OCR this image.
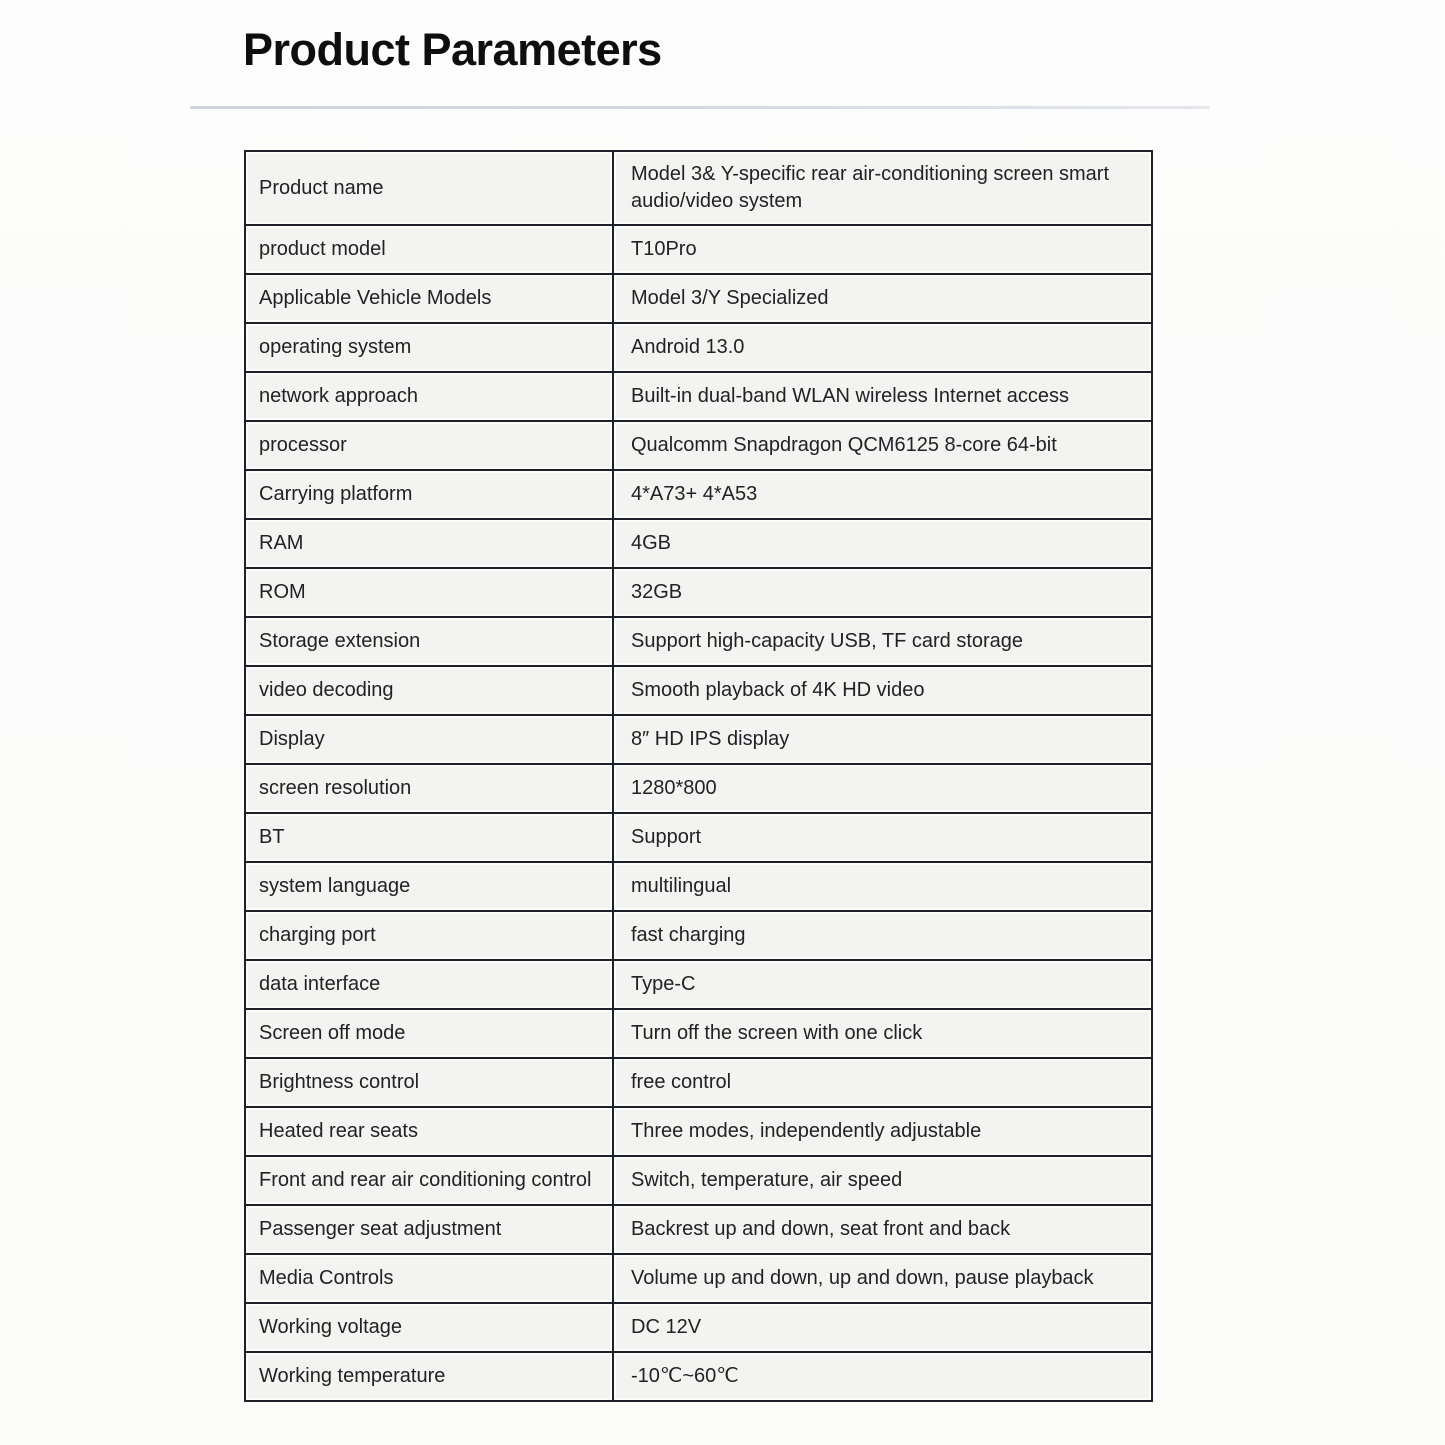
Product Parameters
Product name	Model 3& Y-specific rear air-conditioning screen smart audio/video system
product model	T10Pro
Applicable Vehicle Models	Model 3/Y Specialized
operating system	Android 13.0
network approach	Built-in dual-band WLAN wireless Internet access
processor	Qualcomm Snapdragon QCM6125 8-core 64-bit
Carrying platform	4*A73+ 4*A53
RAM	4GB
ROM	32GB
Storage extension	Support high-capacity USB, TF card storage
video decoding	Smooth playback of 4K HD video
Display	8″ HD IPS display
screen resolution	1280*800
BT	Support
system language	multilingual
charging port	fast charging
data interface	Type-C
Screen off mode	Turn off the screen with one click
Brightness control	free control
Heated rear seats	Three modes, independently adjustable
Front and rear air conditioning control	Switch, temperature, air speed
Passenger seat adjustment	Backrest up and down, seat front and back
Media Controls	Volume up and down, up and down, pause playback
Working voltage	DC 12V
Working temperature	-10℃~60℃
